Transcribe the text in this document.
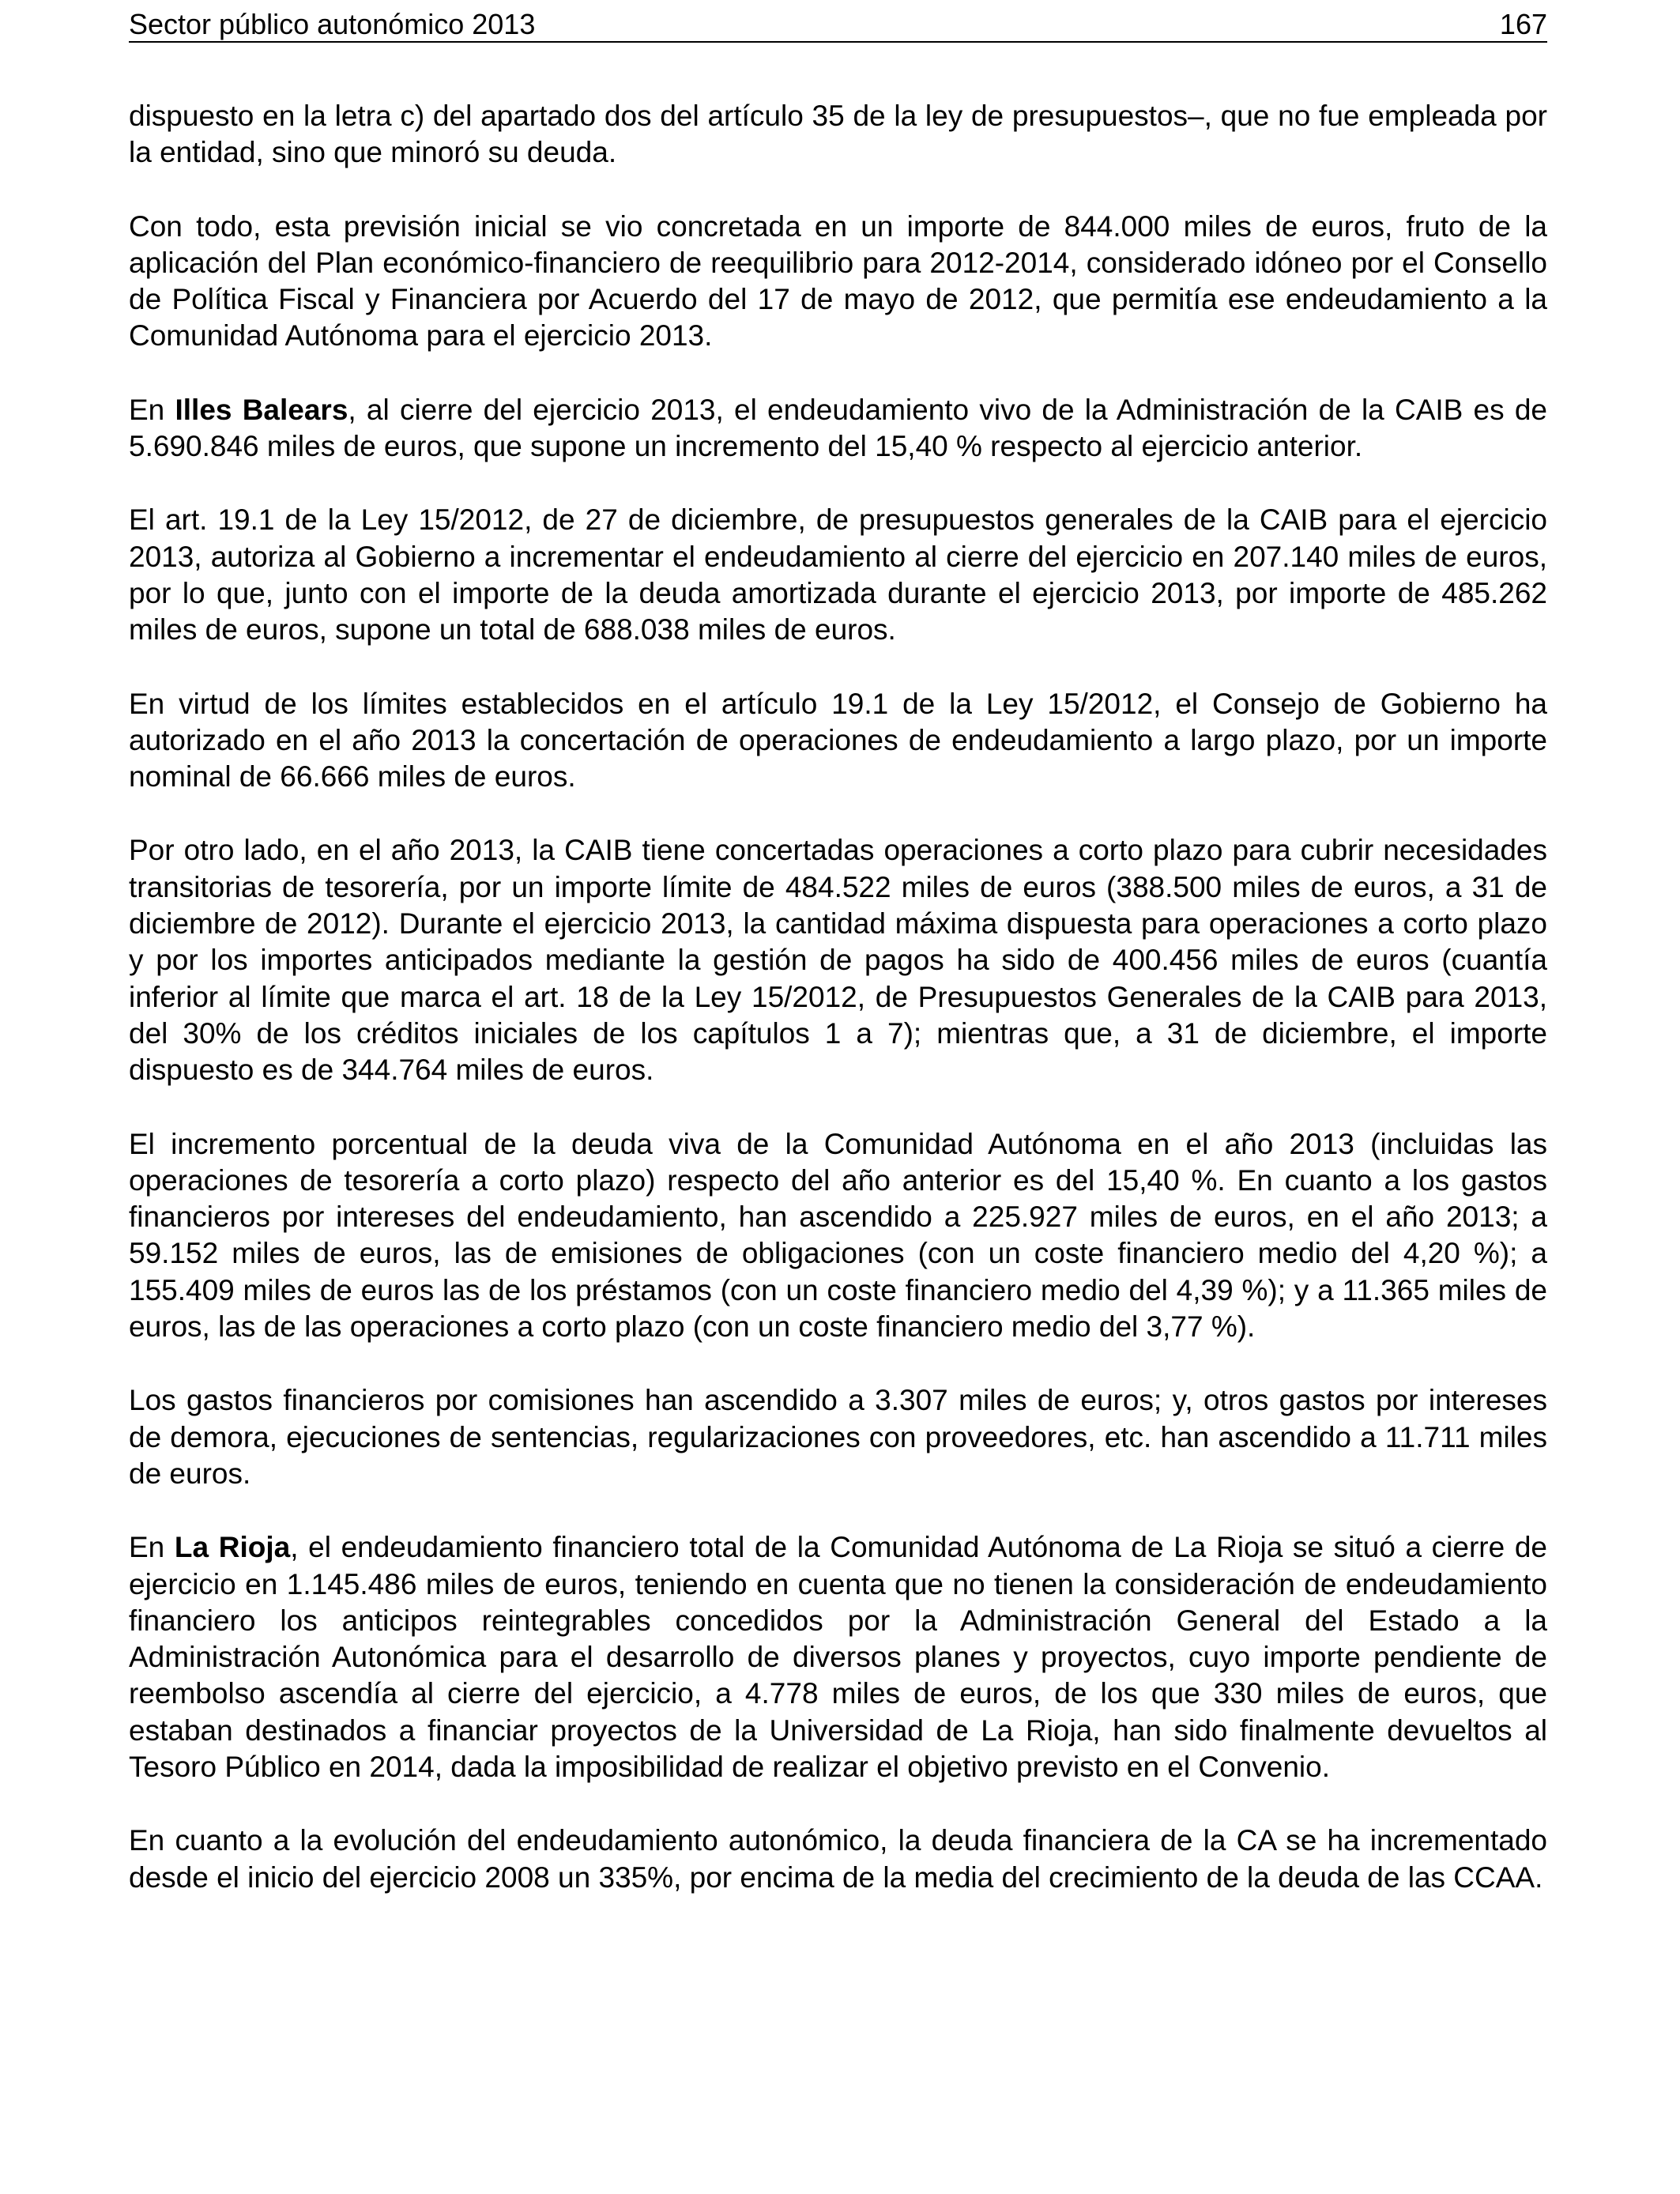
Sector público autonómico 2013	167

dispuesto en la letra c) del apartado dos del artículo 35 de la ley de presupuestos–, que no fue empleada por la entidad, sino que minoró su deuda.

Con todo, esta previsión inicial se vio concretada en un importe de 844.000 miles de euros, fruto de la aplicación del Plan económico-financiero de reequilibrio para 2012-2014, considerado idóneo por el Consello de Política Fiscal y Financiera por Acuerdo del 17 de mayo de 2012, que permitía ese endeudamiento a la Comunidad Autónoma para el ejercicio 2013.

En Illes Balears, al cierre del ejercicio 2013, el endeudamiento vivo de la Administración de la CAIB es de 5.690.846 miles de euros, que supone un incremento del 15,40 % respecto al ejercicio anterior.

El art. 19.1 de la Ley 15/2012, de 27 de diciembre, de presupuestos generales de la CAIB para el ejercicio 2013, autoriza al Gobierno a incrementar el endeudamiento al cierre del ejercicio en 207.140 miles de euros, por lo que, junto con el importe de la deuda amortizada durante el ejercicio 2013, por importe de 485.262 miles de euros, supone un total de 688.038 miles de euros.

En virtud de los límites establecidos en el artículo 19.1 de la Ley 15/2012, el Consejo de Gobierno ha autorizado en el año 2013 la concertación de operaciones de endeudamiento a largo plazo, por un importe nominal de 66.666 miles de euros.

Por otro lado, en el año 2013, la CAIB tiene concertadas operaciones a corto plazo para cubrir necesidades transitorias de tesorería, por un importe límite de 484.522 miles de euros (388.500 miles de euros, a 31 de diciembre de 2012). Durante el ejercicio 2013, la cantidad máxima dispuesta para operaciones a corto plazo y por los importes anticipados mediante la gestión de pagos ha sido de 400.456 miles de euros (cuantía inferior al límite que marca el art. 18 de la Ley 15/2012, de Presupuestos Generales de la CAIB para 2013, del 30% de los créditos iniciales de los capítulos 1 a 7); mientras que, a 31 de diciembre, el importe dispuesto es de 344.764 miles de euros.

El incremento porcentual de la deuda viva de la Comunidad Autónoma en el año 2013 (incluidas las operaciones de tesorería a corto plazo) respecto del año anterior es del 15,40 %. En cuanto a los gastos financieros por intereses del endeudamiento, han ascendido a 225.927 miles de euros, en el año 2013; a 59.152 miles de euros, las de emisiones de obligaciones (con un coste financiero medio del 4,20 %); a 155.409 miles de euros las de los préstamos (con un coste financiero medio del 4,39 %); y a 11.365 miles de euros, las de las operaciones a corto plazo (con un coste financiero medio del 3,77 %).

Los gastos financieros por comisiones han ascendido a 3.307 miles de euros; y, otros gastos por intereses de demora, ejecuciones de sentencias, regularizaciones con proveedores, etc. han ascendido a 11.711 miles de euros.

En La Rioja, el endeudamiento financiero total de la Comunidad Autónoma de La Rioja se situó a cierre de ejercicio en 1.145.486 miles de euros, teniendo en cuenta que no tienen la consideración de endeudamiento financiero los anticipos reintegrables concedidos por la Administración General del Estado a la Administración Autonómica para el desarrollo de diversos planes y proyectos, cuyo importe pendiente de reembolso ascendía al cierre del ejercicio, a 4.778 miles de euros, de los que 330 miles de euros, que estaban destinados a financiar proyectos de la Universidad de La Rioja, han sido finalmente devueltos al Tesoro Público en 2014, dada la imposibilidad de realizar el objetivo previsto en el Convenio.

En cuanto a la evolución del endeudamiento autonómico, la deuda financiera de la CA se ha incrementado desde el inicio del ejercicio 2008 un 335%, por encima de la media del crecimiento de la deuda de las CCAA.
